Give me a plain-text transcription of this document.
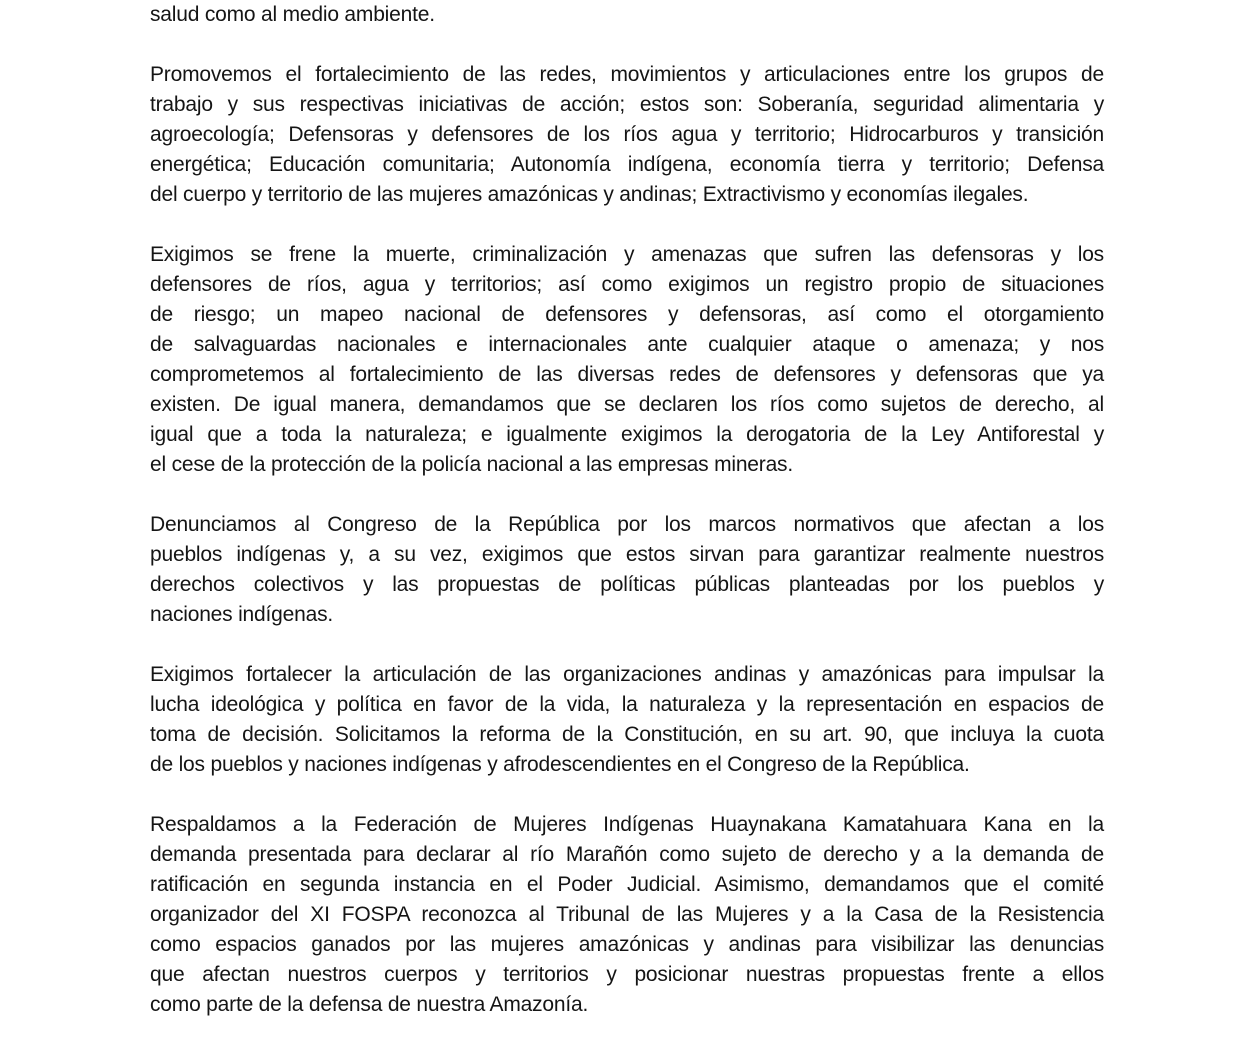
salud como al medio ambiente.
Promovemos el fortalecimiento de las redes, movimientos y articulaciones entre los grupos de
trabajo y sus respectivas iniciativas de acción; estos son: Soberanía, seguridad alimentaria y
agroecología; Defensoras y defensores de los ríos agua y territorio; Hidrocarburos y transición
energética; Educación comunitaria; Autonomía indígena, economía tierra y territorio; Defensa
del cuerpo y territorio de las mujeres amazónicas y andinas; Extractivismo y economías ilegales.
Exigimos se frene la muerte, criminalización y amenazas que sufren las defensoras y los
defensores de ríos, agua y territorios; así como exigimos un registro propio de situaciones
de riesgo; un mapeo nacional de defensores y defensoras, así como el otorgamiento
de salvaguardas nacionales e internacionales ante cualquier ataque o amenaza; y nos
comprometemos al fortalecimiento de las diversas redes de defensores y defensoras que ya
existen. De igual manera, demandamos que se declaren los ríos como sujetos de derecho, al
igual que a toda la naturaleza; e igualmente exigimos la derogatoria de la Ley Antiforestal y
el cese de la protección de la policía nacional a las empresas mineras.
Denunciamos al Congreso de la República por los marcos normativos que afectan a los
pueblos indígenas y, a su vez, exigimos que estos sirvan para garantizar realmente nuestros
derechos colectivos y las propuestas de políticas públicas planteadas por los pueblos y
naciones indígenas.
Exigimos fortalecer la articulación de las organizaciones andinas y amazónicas para impulsar la
lucha ideológica y política en favor de la vida, la naturaleza y la representación en espacios de
toma de decisión. Solicitamos la reforma de la Constitución, en su art. 90, que incluya la cuota
de los pueblos y naciones indígenas y afrodescendientes en el Congreso de la República.
Respaldamos a la Federación de Mujeres Indígenas Huaynakana Kamatahuara Kana en la
demanda presentada para declarar al río Marañón como sujeto de derecho y a la demanda de
ratificación en segunda instancia en el Poder Judicial. Asimismo, demandamos que el comité
organizador del XI FOSPA reconozca al Tribunal de las Mujeres y a la Casa de la Resistencia
como espacios ganados por las mujeres amazónicas y andinas para visibilizar las denuncias
que afectan nuestros cuerpos y territorios y posicionar nuestras propuestas frente a ellos
como parte de la defensa de nuestra Amazonía.
